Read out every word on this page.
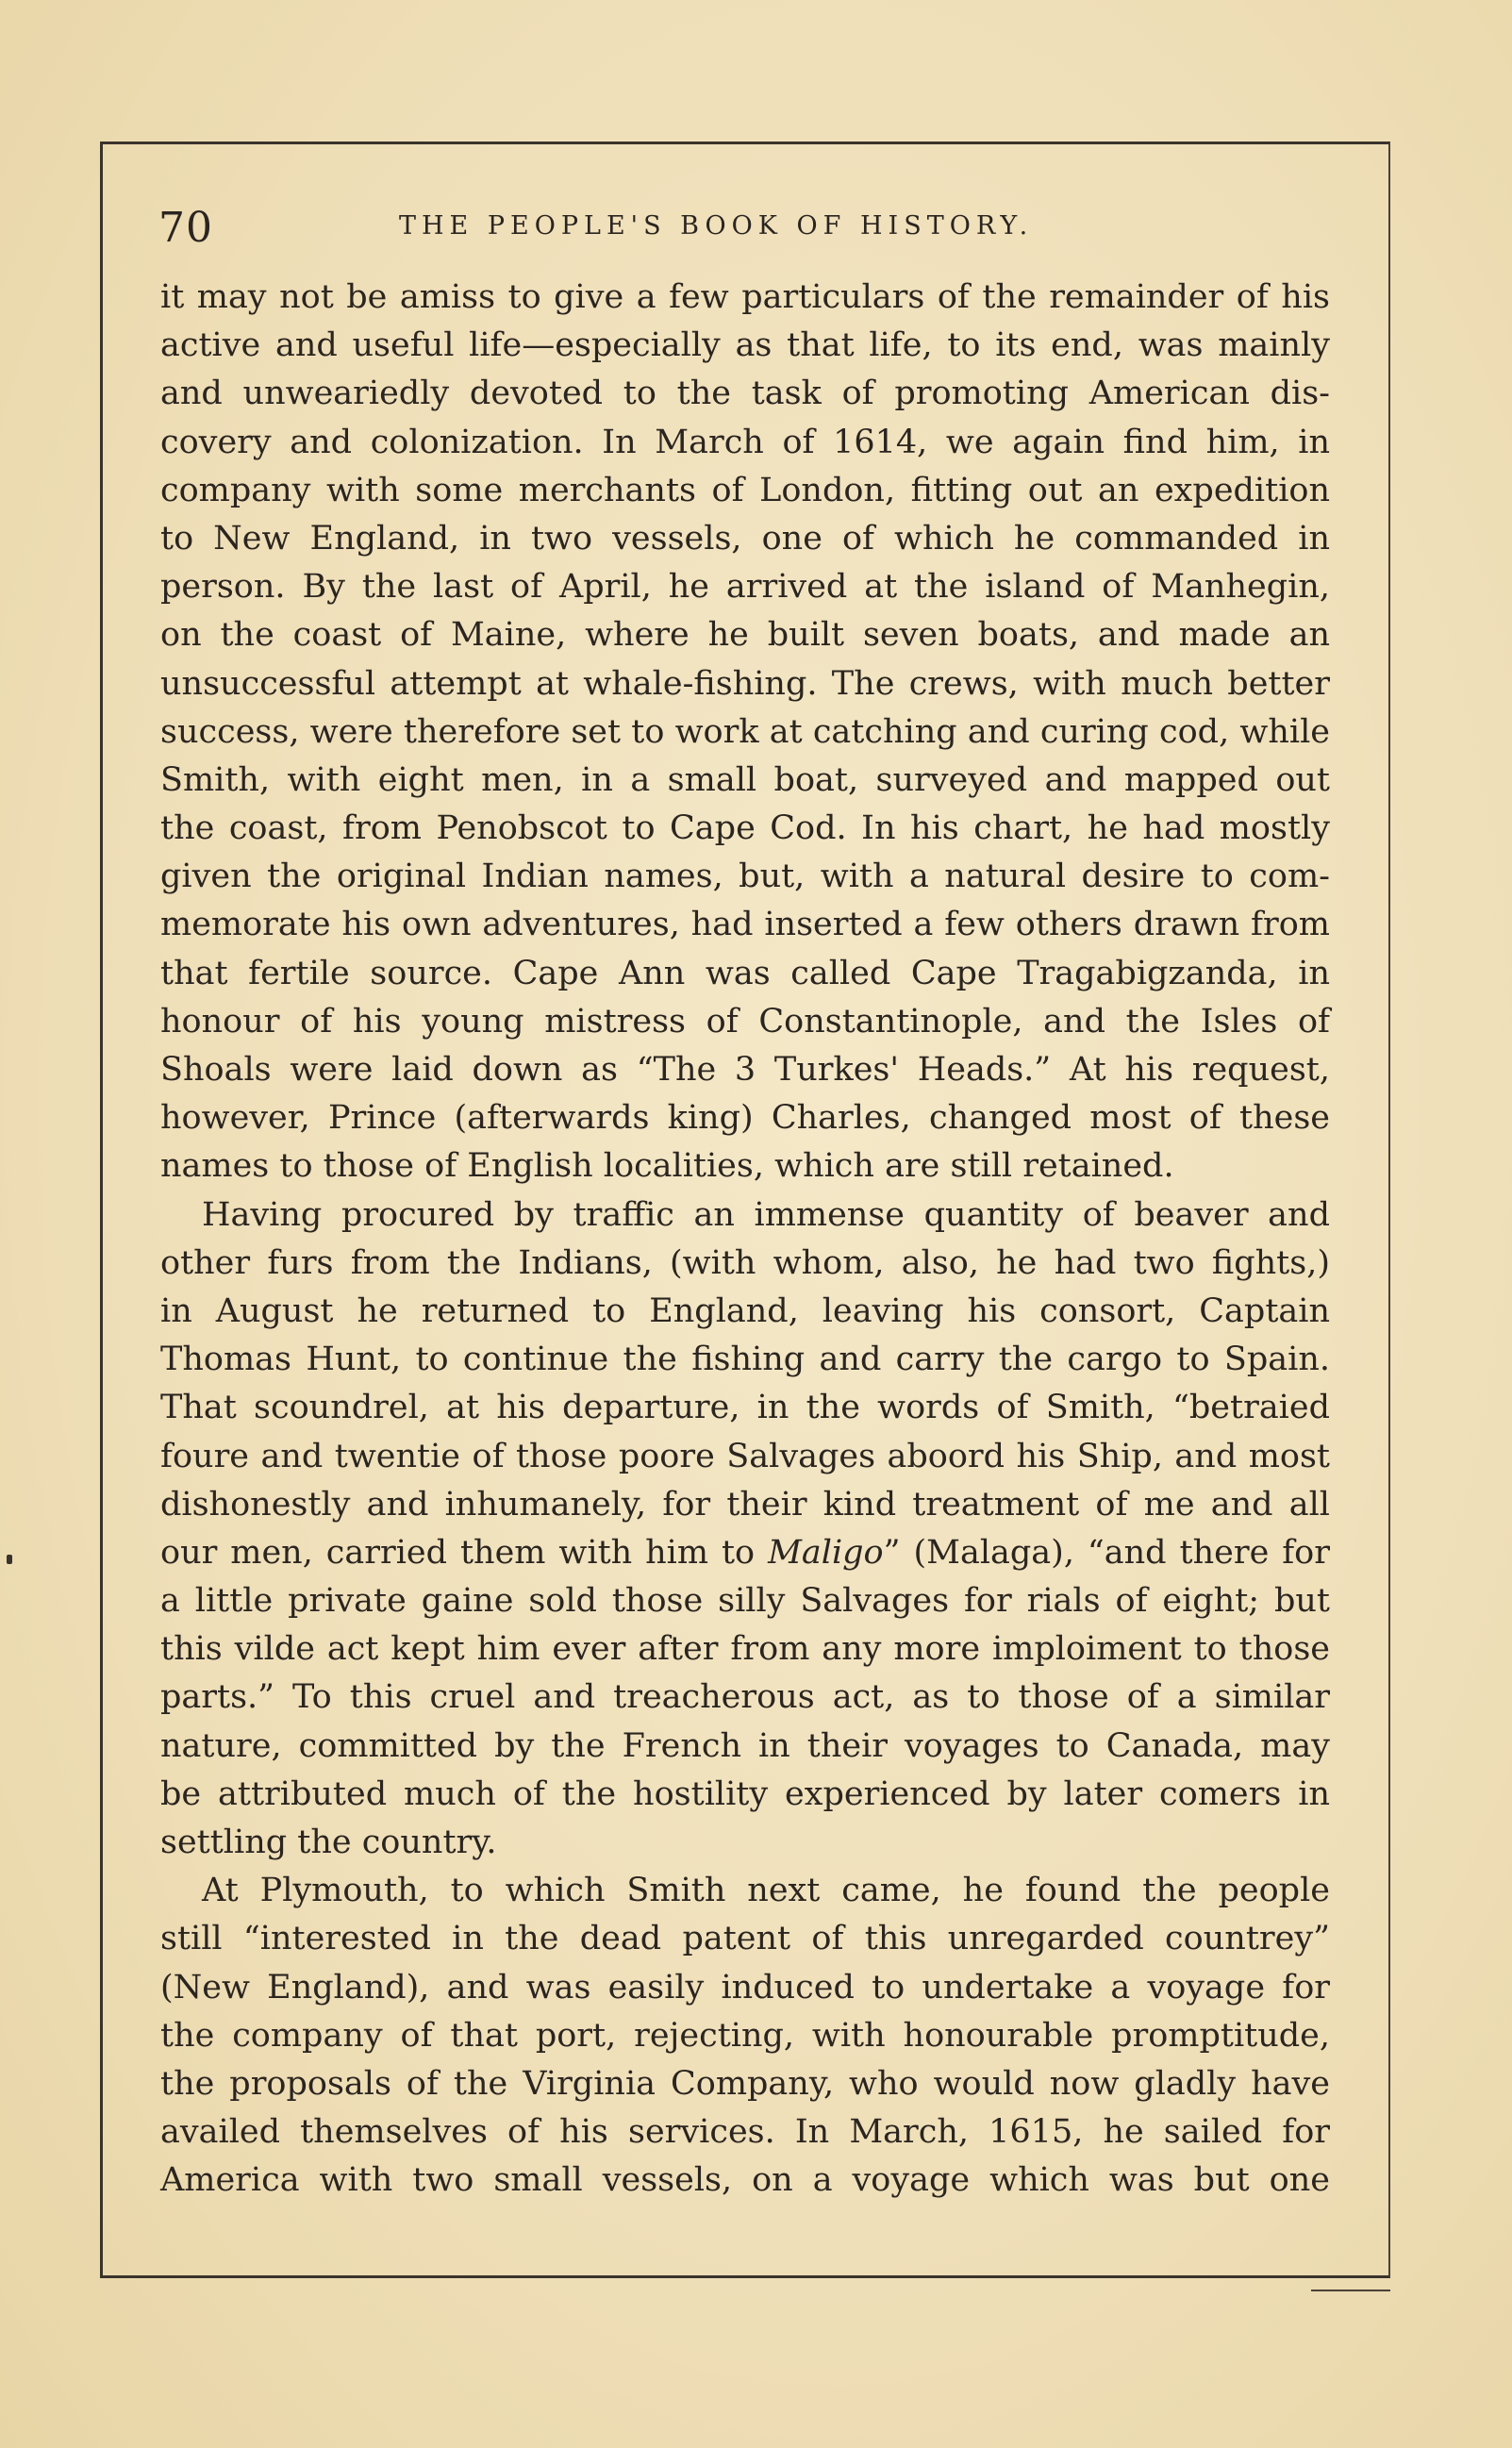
70	THE PEOPLE'S BOOK OF HISTORY.
it may not be amiss to give a few particulars of the remainder of his
active and useful life—especially as that life, to its end, was mainly
and unweariedly devoted to the task of promoting American dis-
covery and colonization. In March of 1614, we again find him, in
company with some merchants of London, fitting out an expedition
to New England, in two vessels, one of which he commanded in
person. By the last of April, he arrived at the island of Manhegin,
on the coast of Maine, where he built seven boats, and made an
unsuccessful attempt at whale-fishing. The crews, with much better
success, were therefore set to work at catching and curing cod, while
Smith, with eight men, in a small boat, surveyed and mapped out
the coast, from Penobscot to Cape Cod. In his chart, he had mostly
given the original Indian names, but, with a natural desire to com-
memorate his own adventures, had inserted a few others drawn from
that fertile source. Cape Ann was called Cape Tragabigzanda, in
honour of his young mistress of Constantinople, and the Isles of
Shoals were laid down as “The 3 Turkes' Heads.” At his request,
however, Prince (afterwards king) Charles, changed most of these
names to those of English localities, which are still retained.
Having procured by traffic an immense quantity of beaver and
other furs from the Indians, (with whom, also, he had two fights,)
in August he returned to England, leaving his consort, Captain
Thomas Hunt, to continue the fishing and carry the cargo to Spain.
That scoundrel, at his departure, in the words of Smith, “betraied
foure and twentie of those poore Salvages aboord his Ship, and most
dishonestly and inhumanely, for their kind treatment of me and all
our men, carried them with him to Maligo” (Malaga), “and there for
a little private gaine sold those silly Salvages for rials of eight; but
this vilde act kept him ever after from any more imploiment to those
parts.” To this cruel and treacherous act, as to those of a similar
nature, committed by the French in their voyages to Canada, may
be attributed much of the hostility experienced by later comers in
settling the country.
At Plymouth, to which Smith next came, he found the people
still “interested in the dead patent of this unregarded countrey”
(New England), and was easily induced to undertake a voyage for
the company of that port, rejecting, with honourable promptitude,
the proposals of the Virginia Company, who would now gladly have
availed themselves of his services. In March, 1615, he sailed for
America with two small vessels, on a voyage which was but one
